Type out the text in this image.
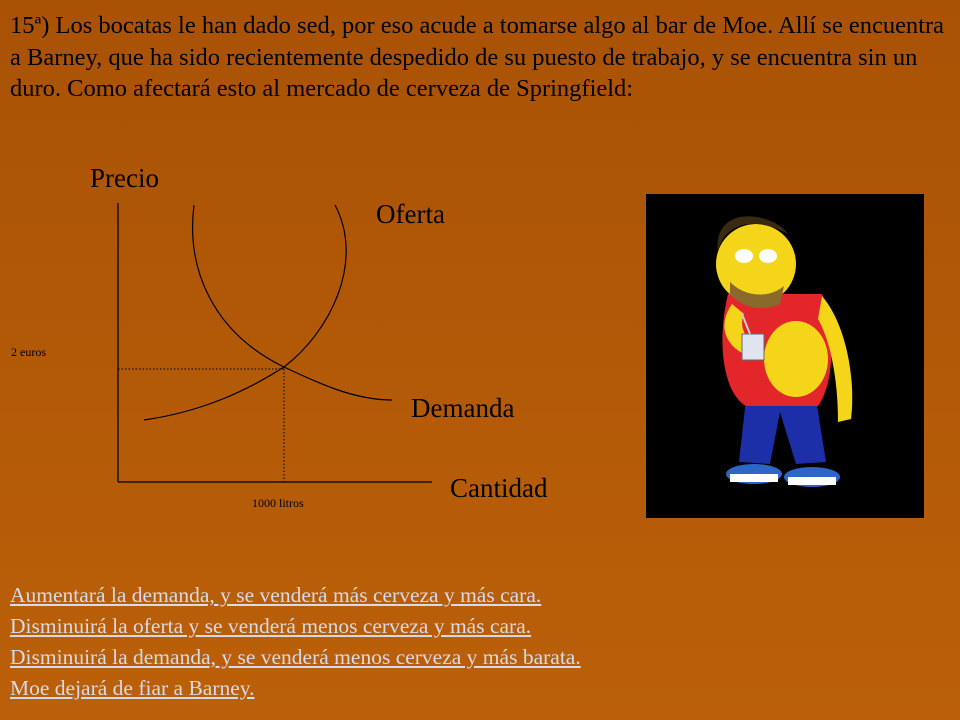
15ª) Los bocatas le han dado sed, por eso acude a tomarse algo al bar de Moe. Allí se encuentra a Barney, que ha sido recientemente despedido de su puesto de trabajo, y se encuentra sin un duro. Como afectará esto al mercado de cerveza de Springfield:

Precio
Oferta
Demanda
Cantidad
2 euros
1000 litros
Aumentará la demanda, y se venderá más cerveza y más cara.
Disminuirá la oferta y se venderá menos cerveza y más cara.
Disminuirá la demanda, y se venderá menos cerveza y más barata.
Moe dejará de fiar a Barney.
